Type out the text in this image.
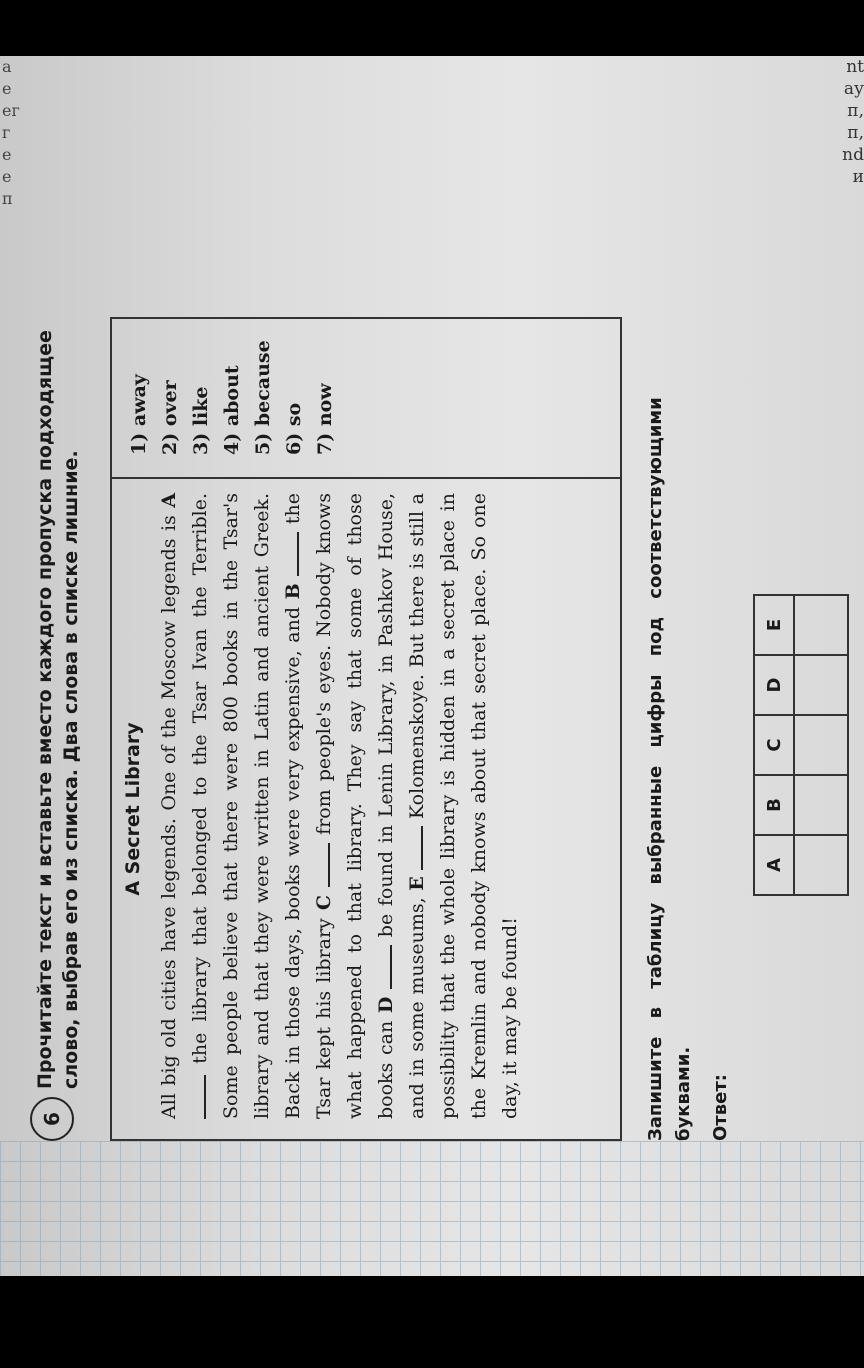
6
Прочитайте текст и вставьте вместо каждого пропуска подходящее слово, выбрав его из списка. Два слова в списке лишние. A Secret Library All big old cities have legends. One of the Moscow legends is A the library that belonged to the Tsar Ivan the Terrible. Some people believe that there were 800 books in the Tsar's library and that they were written in Latin and ancient Greek. Back in those days, books were very expensive, and B  the Tsar kept his library C  from people's eyes. Nobody knows what happened to that library. They say that some of those books can D  be found in Lenin Library, in Pashkov House, and in some museums, E  Kolomenskoye. But there is still a possibility that the whole library is hidden in a secret place in the Kremlin and nobody knows about that secret place. So one day, it may be found!
1) away 2) over 3) like 4) about 5) because 6) so 7) now	Запишите в таблицу выбранные цифры под соответствующими буквами. Ответ:
A	B	C	D	E

nt
ау
п,
п,
nd
и
а
е
ег
г
е
е
п
